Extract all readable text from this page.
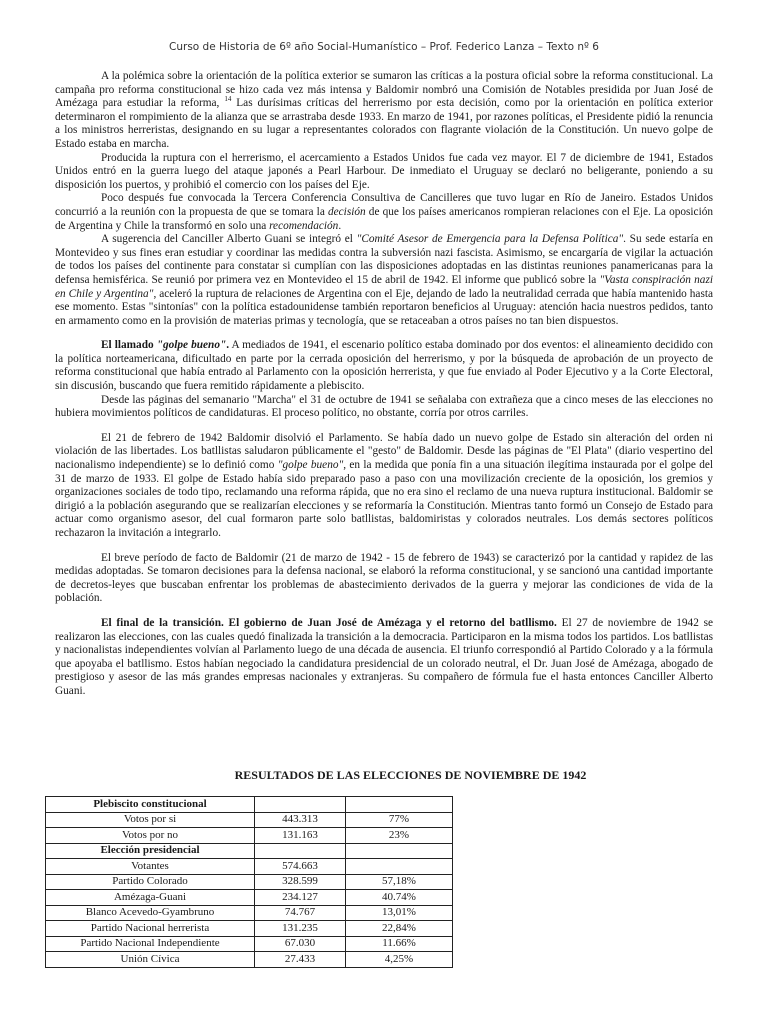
Curso de Historia de 6º año Social-Humanístico – Prof. Federico Lanza – Texto nº 6

A la polémica sobre la orientación de la política exterior se sumaron las críticas a la postura oficial sobre la reforma constitucional. La campaña pro reforma constitucional se hizo cada vez más intensa y Baldomir nombró una Comisión de Notables presidida por Juan José de Amézaga para estudiar la reforma, $^{14}$ Las durísimas críticas del herrerismo por esta decisión, como por la orientación en política exterior determinaron el rompimiento de la alianza que se arrastraba desde 1933. En marzo de 1941, por razones políticas, el Presidente pidió la renuncia a los ministros herreristas, designando en su lugar a representantes colorados con flagrante violación de la Constitución. Un nuevo golpe de Estado estaba en marcha.

Producida la ruptura con el herrerismo, el acercamiento a Estados Unidos fue cada vez mayor. El 7 de diciembre de 1941, Estados Unidos entró en la guerra luego del ataque japonés a Pearl Harbour. De inmediato el Uruguay se declaró no beligerante, poniendo a su disposición los puertos, y prohibió el comercio con los países del Eje.

Poco después fue convocada la Tercera Conferencia Consultiva de Cancilleres que tuvo lugar en Río de Janeiro. Estados Unidos concurrió a la reunión con la propuesta de que se tomara la decisión de que los países americanos rompieran relaciones con el Eje. La oposición de Argentina y Chile la transformó en solo una recomendación.

A sugerencia del Canciller Alberto Guani se integró el "Comité Asesor de Emergencia para la Defensa Política". Su sede estaría en Montevideo y sus fines eran estudiar y coordinar las medidas contra la subversión nazi fascista. Asimismo, se encargaría de vigilar la actuación de todos los países del continente para constatar si cumplían con las disposiciones adoptadas en las distintas reuniones panamericanas para la defensa hemisférica. Se reunió por primera vez en Montevideo el 15 de abril de 1942. El informe que publicó sobre la "Vasta conspiración nazi en Chile y Argentina", aceleró la ruptura de relaciones de Argentina con el Eje, dejando de lado la neutralidad cerrada que había mantenido hasta ese momento. Estas "sintonías" con la política estadounidense también reportaron beneficios al Uruguay: atención hacia nuestros pedidos, tanto en armamento como en la provisión de materias primas y tecnología, que se retaceaban a otros países no tan bien dispuestos.

El llamado "golpe bueno". A mediados de 1941, el escenario político estaba dominado por dos eventos: el alineamiento decidido con la política norteamericana, dificultado en parte por la cerrada oposición del herrerismo, y por la búsqueda de aprobación de un proyecto de reforma constitucional que había entrado al Parlamento con la oposición herrerista, y que fue enviado al Poder Ejecutivo y a la Corte Electoral, sin discusión, buscando que fuera remitido rápidamente a plebiscito.

Desde las páginas del semanario "Marcha" el 31 de octubre de 1941 se señalaba con extrañeza que a cinco meses de las elecciones no hubiera movimientos políticos de candidaturas. El proceso político, no obstante, corría por otros carriles.

El 21 de febrero de 1942 Baldomir disolvió el Parlamento. Se había dado un nuevo golpe de Estado sin alteración del orden ni violación de las libertades. Los batllistas saludaron públicamente el "gesto" de Baldomir. Desde las páginas de "El Plata" (diario vespertino del nacionalismo independiente) se lo definió como "golpe bueno", en la medida que ponía fin a una situación ilegítima instaurada por el golpe del 31 de marzo de 1933. El golpe de Estado había sido preparado paso a paso con una movilización creciente de la oposición, los gremios y organizaciones sociales de todo tipo, reclamando una reforma rápida, que no era sino el reclamo de una nueva ruptura institucional. Baldomir se dirigió a la población asegurando que se realizarían elecciones y se reformaría la Constitución. Mientras tanto formó un Consejo de Estado para actuar como organismo asesor, del cual formaron parte solo batllistas, baldomiristas y colorados neutrales. Los demás sectores políticos rechazaron la invitación a integrarlo.

El breve período de facto de Baldomir (21 de marzo de 1942 - 15 de febrero de 1943) se caracterizó por la cantidad y rapidez de las medidas adoptadas. Se tomaron decisiones para la defensa nacional, se elaboró la reforma constitucional, y se sancionó una cantidad importante de decretos-leyes que buscaban enfrentar los problemas de abastecimiento derivados de la guerra y mejorar las condiciones de vida de la población.

El final de la transición. El gobierno de Juan José de Amézaga y el retorno del batllismo. El 27 de noviembre de 1942 se realizaron las elecciones, con las cuales quedó finalizada la transición a la democracia. Participaron en la misma todos los partidos. Los batllistas y nacionalistas independientes volvían al Parlamento luego de una década de ausencia. El triunfo correspondió al Partido Colorado y a la fórmula que apoyaba el batllismo. Estos habían negociado la candidatura presidencial de un colorado neutral, el Dr. Juan José de Amézaga, abogado de prestigioso y asesor de las más grandes empresas nacionales y extranjeras. Su compañero de fórmula fue el hasta entonces Canciller Alberto Guani.

RESULTADOS DE LAS ELECCIONES DE NOVIEMBRE DE 1942
Plebiscito constitucional		
Votos por si	443.313	77%
Votos por no	131.163	23%
Elección presidencial		
Votantes	574.663	
Partido Colorado	328.599	57,18%
Amézaga-Guani	234.127	40.74%
Blanco Acevedo-Gyambruno	74.767	13,01%
Partido Nacional herrerista	131.235	22,84%
Partido Nacional Independiente	67.030	11.66%
Unión Cívica	27.433	4,25%
